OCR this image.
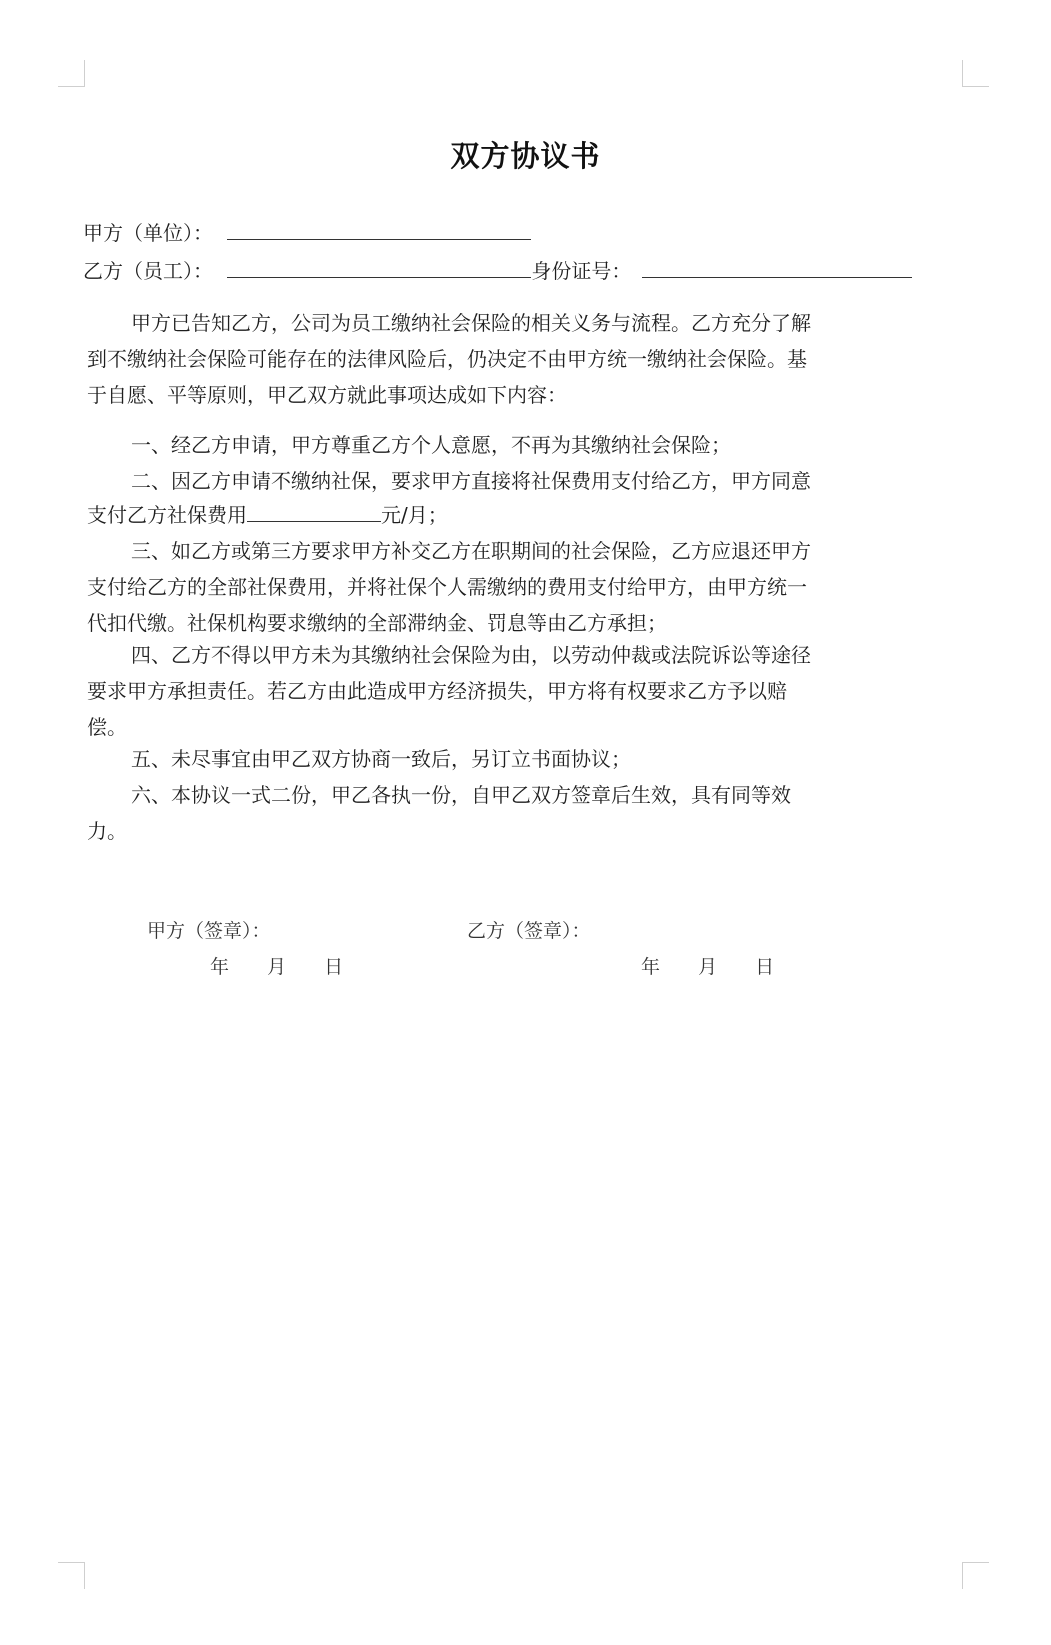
双方协议书
甲方（单位）：
乙方（员工）：	身份证号：
甲方已告知乙方，公司为员工缴纳社会保险的相关义务与流程。乙方充分了解
到不缴纳社会保险可能存在的法律风险后，仍决定不由甲方统一缴纳社会保险。基
于自愿、平等原则，甲乙双方就此事项达成如下内容：
一、经乙方申请，甲方尊重乙方个人意愿，不再为其缴纳社会保险；
二、因乙方申请不缴纳社保，要求甲方直接将社保费用支付给乙方，甲方同意
支付乙方社保费用	元/月；
三、如乙方或第三方要求甲方补交乙方在职期间的社会保险，乙方应退还甲方
支付给乙方的全部社保费用，并将社保个人需缴纳的费用支付给甲方，由甲方统一
代扣代缴。社保机构要求缴纳的全部滞纳金、罚息等由乙方承担；
四、乙方不得以甲方未为其缴纳社会保险为由，以劳动仲裁或法院诉讼等途径
要求甲方承担责任。若乙方由此造成甲方经济损失，甲方将有权要求乙方予以赔
偿。
五、未尽事宜由甲乙双方协商一致后，另订立书面协议；
六、本协议一式二份，甲乙各执一份，自甲乙双方签章后生效，具有同等效
力。
甲方（签章）：	乙方（签章）：
年 月 日	年 月 日
